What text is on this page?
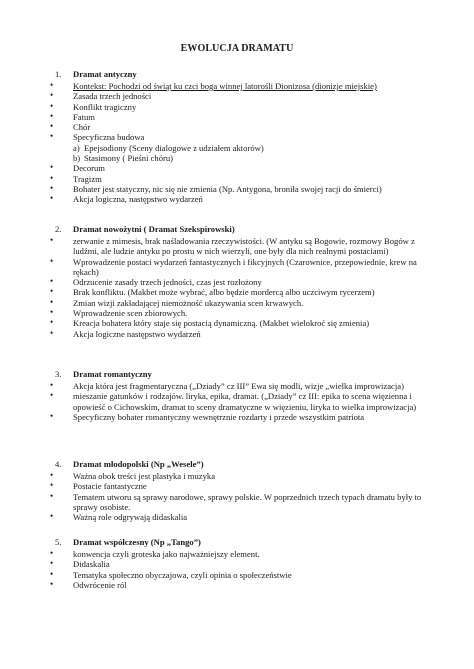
EWOLUCJA DRAMATU
1. Dramat antyczny
• Kontekst: Pochodzi od świąt ku czci boga winnej latorośli Dionizosa (dionizje miejskie)
• Zasada trzech jedności
• Konflikt tragiczny
• Fatum
• Chór
• Specyficzna budowa
a) Epejsodiony (Sceny dialogowe z udziałem aktorów)
b) Stasimony ( Pieśni chóru)
• Decorum
• Tragizm
• Bohater jest statyczny, nic się nie zmienia (Np. Antygona, broniła swojej racji do śmierci)
• Akcja logiczna, następstwo wydarzeń
2. Dramat nowożytni ( Dramat Szekspirowski)
• zerwanie z mimesis, brak naśladowania rzeczywistości. (W antyku są Bogowie, rozmowy Bogów z ludźmi, ale ludzie antyku po prostu w nich wierzyli, one były dla nich realnymi postaciami)
• Wprowadzenie postaci wydarzeń fantastycznych i fikcyjnych (Czarownice, przepowiednie, krew na rękach)
• Odrzucenie zasady trzech jedności, czas jest rozłożony
• Brak konfliktu. (Makbet może wybrać, albo będzie mordercą albo uczciwym rycerzem)
• Zmian wizji zakładającej niemożność ukazywania scen krwawych.
• Wprowadzenie scen zbiorowych.
• Kreacja bohatera który staje się postacią dynamiczną. (Makbet wielokroć się zmienia)
• Akcja logiczne następstwo wydarzeń
3. Dramat romantyczny
• Akcja która jest fragmentaryczna („Dziady” cz III” Ewa się modli, wizje „wielka improwizacja)
• mieszanie gatunków i rodzajów. liryka, epika, dramat. („Dziady” cz III: epika to scena więzienna i opowieść o Cichowskim, dramat to sceny dramatyczne w więzieniu, liryka to wielka improwizacja)
• Specyficzny bohater romantyczny wewnętrznie rozdarty i przede wszystkim patriota
4. Dramat młodopolski (Np „Wesele”)
• Ważna obok treści jest plastyka i muzyka
• Postacie fantastyczne
• Tematem utworu są sprawy narodowe, sprawy polskie. W poprzednich trzech typach dramatu były to sprawy osobiste.
• Ważną role odgrywają didaskalia
5. Dramat współczesny (Np „Tango”)
• konwencja czyli groteska jako najważniejszy element.
• Didaskalia
• Tematyka społeczno obyczajowa, czyli opinia o społeczeństwie
• Odwrócenie ról
